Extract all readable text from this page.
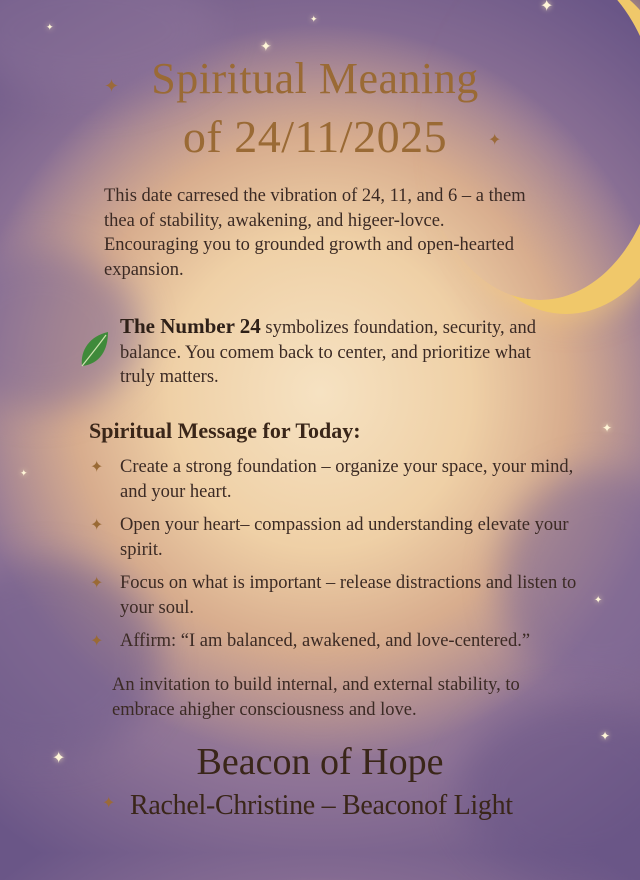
✦
✦
✦
✦
✦
✦
✦
✦
✦
✦
✦
✦
Spiritual Meaning
of 24/11/2025
This date carresed the vibration of 24, 11, and 6 – a them thea of stability, awakening, and higeer-lovce. Encouraging you to grounded growth and open-hearted expansion.
The Number 24 symbolizes foundation, security, and balance. You comem back to center, and prioritize what truly matters.
Spiritual Message for Today:
✦ Create a strong foundation – organize your space, your mind, and your heart.
✦ Open your heart– compassion ad understanding elevate your spirit.
✦ Focus on what is important – release distractions and listen to your soul.
✦ Affirm: “I am balanced, awakened, and love-centered.”
An invitation to build internal, and external stability, to embrace ahigher consciousness and love.
Beacon of Hope
Rachel-Christine – Beaconof Light
